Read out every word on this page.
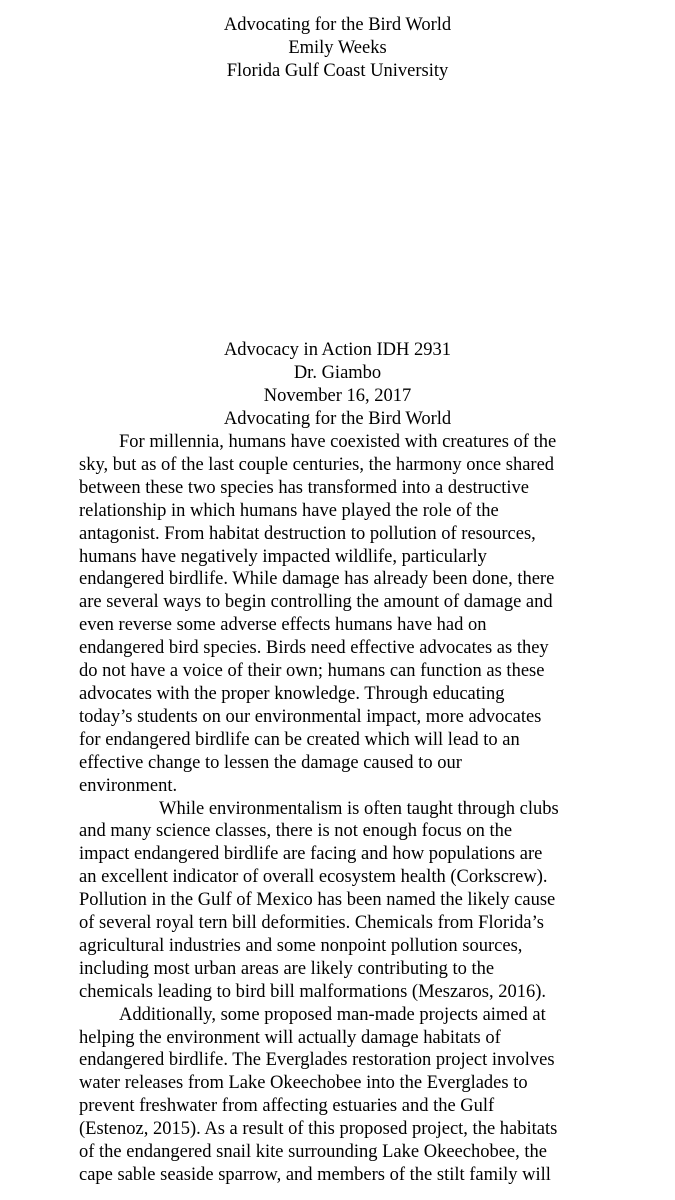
Advocating for the Bird World
Emily Weeks
Florida Gulf Coast University
Advocacy in Action IDH 2931
Dr. Giambo
November 16, 2017
Advocating for the Bird World

For millennia, humans have coexisted with creatures of the
sky, but as of the last couple centuries, the harmony once shared
between these two species has transformed into a destructive
relationship in which humans have played the role of the
antagonist. From habitat destruction to pollution of resources,
humans have negatively impacted wildlife, particularly
endangered birdlife. While damage has already been done, there
are several ways to begin controlling the amount of damage and
even reverse some adverse effects humans have had on
endangered bird species. Birds need effective advocates as they
do not have a voice of their own; humans can function as these
advocates with the proper knowledge. Through educating
today’s students on our environmental impact, more advocates
for endangered birdlife can be created which will lead to an
effective change to lessen the damage caused to our
environment.

While environmentalism is often taught through clubs
and many science classes, there is not enough focus on the
impact endangered birdlife are facing and how populations are
an excellent indicator of overall ecosystem health (Corkscrew).
Pollution in the Gulf of Mexico has been named the likely cause
of several royal tern bill deformities. Chemicals from Florida’s
agricultural industries and some nonpoint pollution sources,
including most urban areas are likely contributing to the
chemicals leading to bird bill malformations (Meszaros, 2016).

Additionally, some proposed man-made projects aimed at
helping the environment will actually damage habitats of
endangered birdlife. The Everglades restoration project involves
water releases from Lake Okeechobee into the Everglades to
prevent freshwater from affecting estuaries and the Gulf
(Estenoz, 2015). As a result of this proposed project, the habitats
of the endangered snail kite surrounding Lake Okeechobee, the
cape sable seaside sparrow, and members of the stilt family will
